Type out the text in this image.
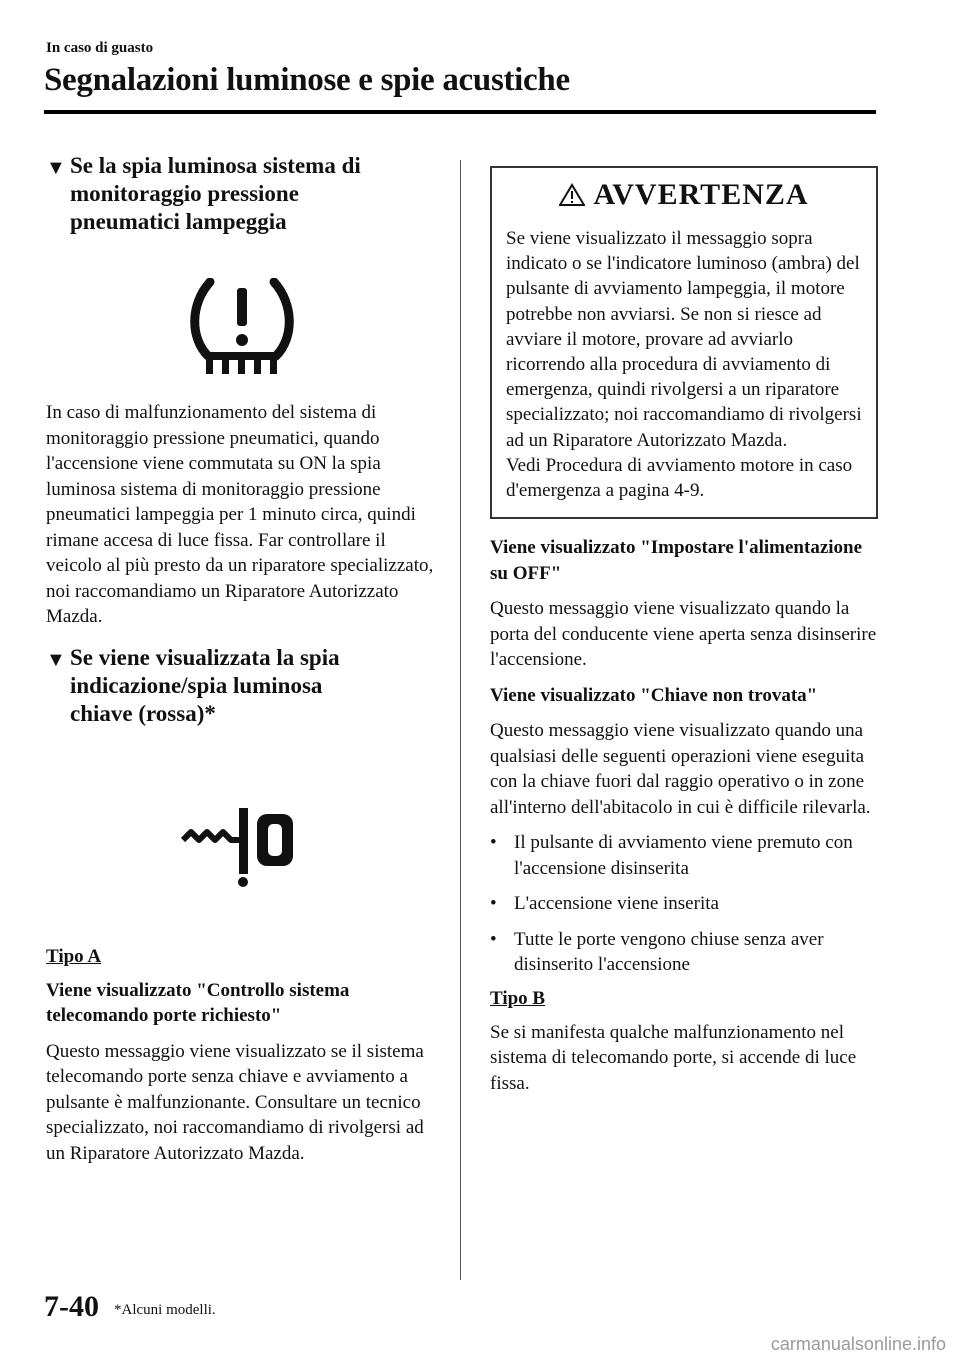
In caso di guasto
Segnalazioni luminose e spie acustiche
▼ Se la spia luminosa sistema di
monitoraggio pressione
pneumatici lampeggia

In caso di malfunzionamento del sistema di monitoraggio pressione pneumatici, quando l'accensione viene commutata su ON la spia luminosa sistema di monitoraggio pressione pneumatici lampeggia per 1 minuto circa, quindi rimane accesa di luce fissa. Far controllare il veicolo al più presto da un riparatore specializzato, noi raccomandiamo un Riparatore Autorizzato Mazda.

▼ Se viene visualizzata la spia
indicazione/spia luminosa
chiave (rossa)*
Tipo A

Viene visualizzato "Controllo sistema telecomando porte richiesto"

Questo messaggio viene visualizzato se il sistema telecomando porte senza chiave e avviamento a pulsante è malfunzionante. Consultare un tecnico specializzato, noi raccomandiamo di rivolgersi ad un Riparatore Autorizzato Mazda.

AVVERTENZA

Se viene visualizzato il messaggio sopra indicato o se l'indicatore luminoso (ambra) del pulsante di avviamento lampeggia, il motore potrebbe non avviarsi. Se non si riesce ad avviare il motore, provare ad avviarlo ricorrendo alla procedura di avviamento di emergenza, quindi rivolgersi a un riparatore specializzato; noi raccomandiamo di rivolgersi ad un Riparatore Autorizzato Mazda.

Vedi Procedura di avviamento motore in caso d'emergenza a pagina 4-9.

Viene visualizzato "Impostare l'alimentazione su OFF"

Questo messaggio viene visualizzato quando la porta del conducente viene aperta senza disinserire l'accensione.

Viene visualizzato "Chiave non trovata"

Questo messaggio viene visualizzato quando una qualsiasi delle seguenti operazioni viene eseguita con la chiave fuori dal raggio operativo o in zone all'interno dell'abitacolo in cui è difficile rilevarla.

• Il pulsante di avviamento viene premuto con l'accensione disinserita
• L'accensione viene inserita
• Tutte le porte vengono chiuse senza aver disinserito l'accensione
Tipo B

Se si manifesta qualche malfunzionamento nel sistema di telecomando porte, si accende di luce fissa.

7-40 *Alcuni modelli.
carmanualsonline.info
